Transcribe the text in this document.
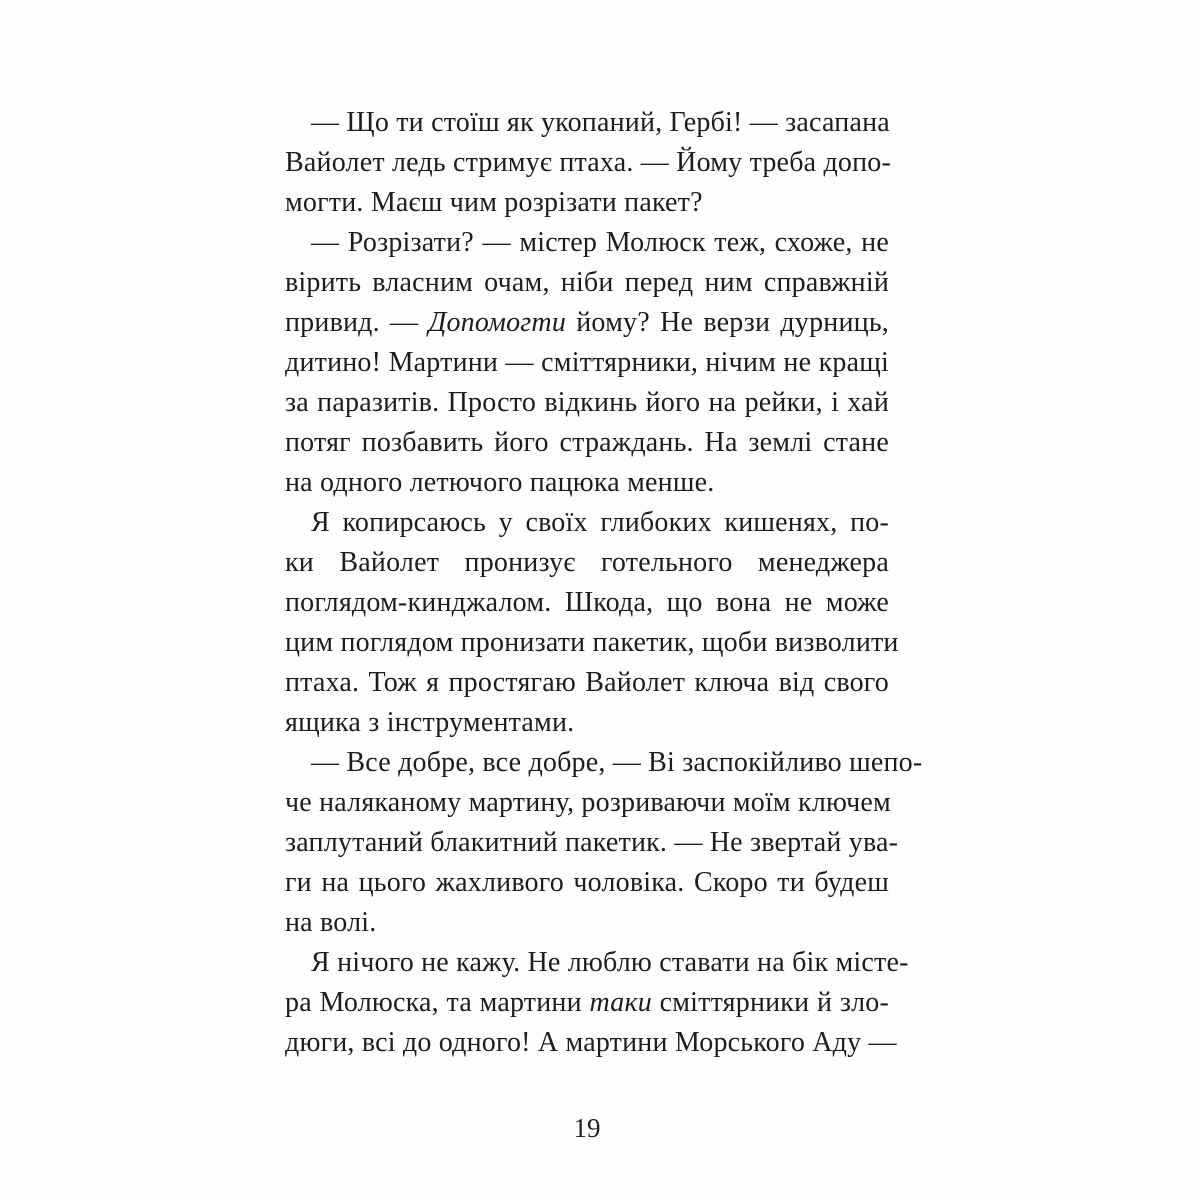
— Що ти стоїш як укопаний, Гербі! — засапана
Вайолет ледь стримує птаха. — Йому треба допо-
могти. Маєш чим розрізати пакет?
— Розрізати? — містер Молюск теж, схоже, не
вірить власним очам, ніби перед ним справжній
привид. — Допомогти йому? Не верзи дурниць,
дитино! Мартини — сміттярники, нічим не кращі
за паразитів. Просто відкинь його на рейки, і хай
потяг позбавить його страждань. На землі стане
на одного летючого пацюка менше.
Я копирсаюсь у своїх глибоких кишенях, по-
ки Вайолет пронизує готельного менеджера
поглядом-кинджалом. Шкода, що вона не може
цим поглядом пронизати пакетик, щоби визволити
птаха. Тож я простягаю Вайолет ключа від свого
ящика з інструментами.
— Все добре, все добре, — Ві заспокійливо шепо-
че наляканому мартину, розриваючи моїм ключем
заплутаний блакитний пакетик. — Не звертай ува-
ги на цього жахливого чоловіка. Скоро ти будеш
на волі.
Я нічого не кажу. Не люблю ставати на бік місте-
ра Молюска, та мартини таки сміттярники й зло-
дюги, всі до одного! А мартини Морського Аду —
19
